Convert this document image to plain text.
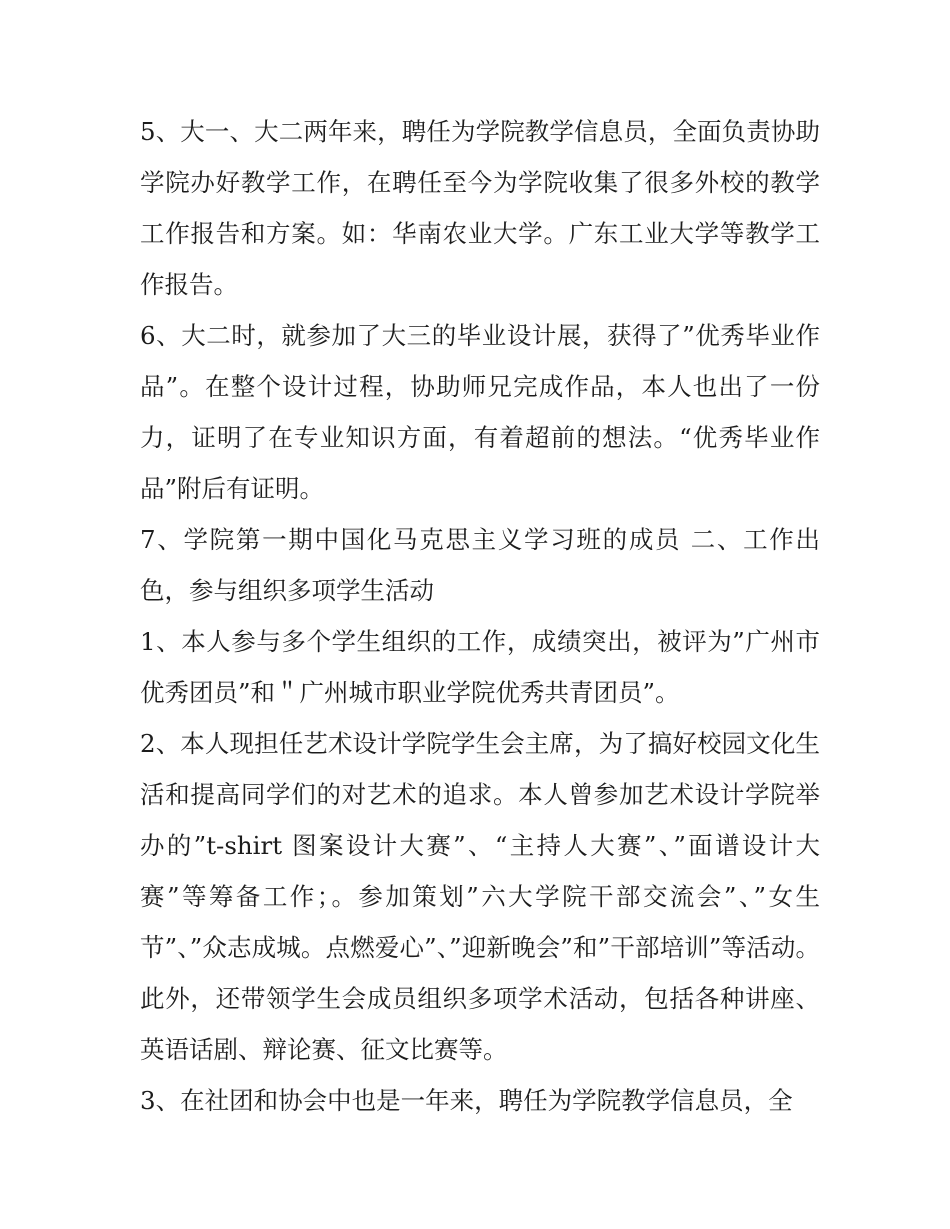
5、大一、大二两年来，聘任为学院教学信息员，全面负责协助学院办好教学工作，在聘任至今为学院收集了很多外校的教学工作报告和方案。如：华南农业大学。广东工业大学等教学工作报告。

6、大二时，就参加了大三的毕业设计展，获得了”优秀毕业作品”。在整个设计过程，协助师兄完成作品，本人也出了一份力，证明了在专业知识方面，有着超前的想法。“优秀毕业作品”附后有证明。

7、学院第一期中国化马克思主义学习班的成员 二、工作出色，参与组织多项学生活动

1、本人参与多个学生组织的工作，成绩突出，被评为”广州市优秀团员”和＂广州城市职业学院优秀共青团员”。

2、本人现担任艺术设计学院学生会主席，为了搞好校园文化生活和提高同学们的对艺术的追求。本人曾参加艺术设计学院举办的”t-shirt 图案设计大赛”、“主持人大赛”、”面谱设计大赛”等筹备工作；。参加策划”六大学院干部交流会”、”女生节”、”众志成城。点燃爱心”、”迎新晚会”和”干部培训”等活动。此外，还带领学生会成员组织多项学术活动，包括各种讲座、英语话剧、辩论赛、征文比赛等。

3、在社团和协会中也是一年来，聘任为学院教学信息员，全
